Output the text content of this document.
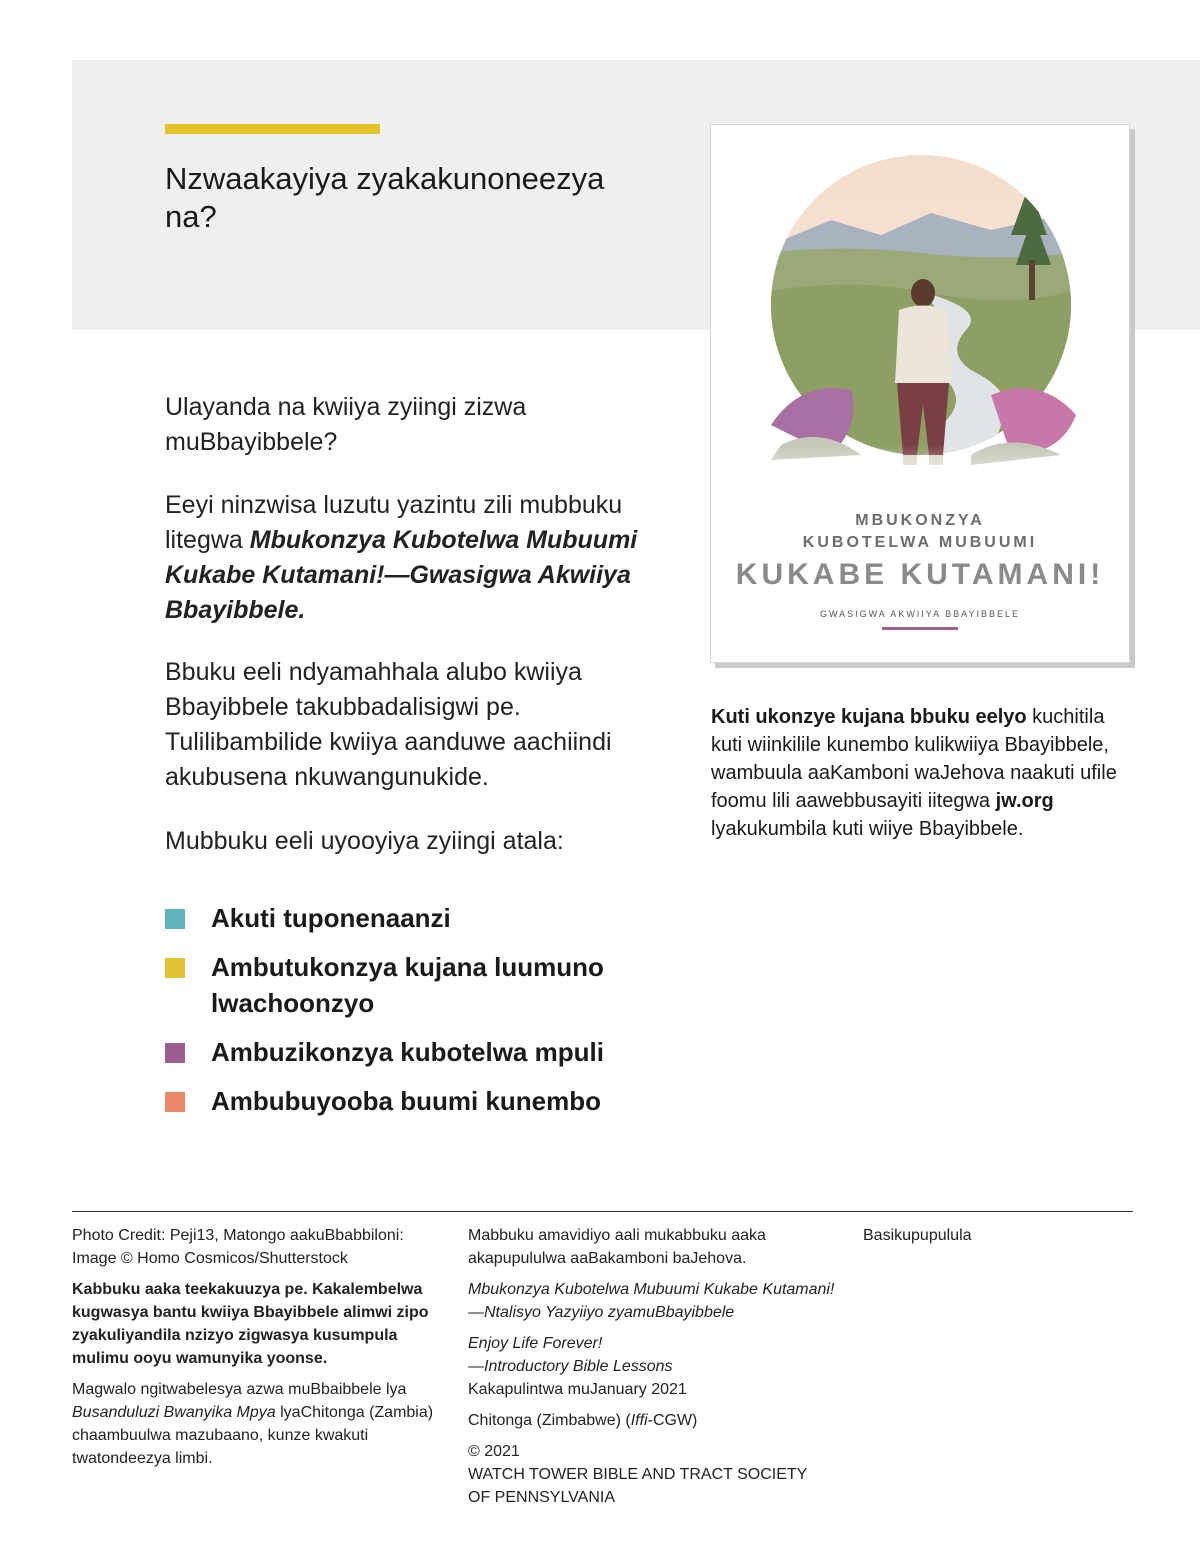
Nzwaakayiya zyakakunoneezya na?
Ulayanda na kwiiya zyiingi zizwa muBbayibbele?
Eeyi ninzwisa luzutu yazintu zili mubbuku litegwa Mbukonzya Kubotelwa Mubuumi Kukabe Kutamani!—Gwasigwa Akwiiya Bbayibbele.
Bbuku eeli ndyamahhala alubo kwiiya Bbayibbele takubbadalisigwi pe. Tulilibambilide kwiiya aanduwe aachiindi akubusena nkuwangunukide.
Mubbuku eeli uyooyiya zyiingi atala:
Akuti tuponenaanzi
Ambutukonzya kujana luumuno lwachoonzyo
Ambuzikonzya kubotelwa mpuli
Ambubuyooba buumi kunembo
MBUKONZYA
KUBOTELWA MUBUUMI
KUKABE KUTAMANI!
GWASIGWA AKWIIYA BBAYIBBELE
Kuti ukonzye kujana bbuku eelyo kuchitila kuti wiinkilile kunembo kulikwiiya Bbayibbele, wambuula aaKamboni waJehova naakuti ufile foomu lili aawebbusayiti iitegwa jw.org lyakukumbila kuti wiiye Bbayibbele.

Photo Credit: Peji13, Matongo aakuBbabbiloni: Image © Homo Cosmicos/Shutterstock

Kabbuku aaka teekakuuzya pe. Kakalembelwa kugwasya bantu kwiiya Bbayibbele alimwi zipo zyakuliyandila nzizyo zigwasya kusumpula mulimu ooyu wamunyika yoonse.

Magwalo ngitwabelesya azwa muBbaibbele lya Busanduluzi Bwanyika Mpya lyaChitonga (Zambia) chaambuulwa mazubaano, kunze kwakuti twatondeezya limbi.

Mabbuku amavidiyo aali mukabbuku aaka akapupululwa aaBakamboni baJehova.

Mbukonzya Kubotelwa Mubuumi Kukabe Kutamani!—Ntalisyo Yazyiiyo zyamuBbayibbele

Enjoy Life Forever!

—Introductory Bible Lessons

Kakapulintwa muJanuary 2021

Chitonga (Zimbabwe) (Iffi-CGW)

© 2021

WATCH TOWER BIBLE AND TRACT SOCIETY

OF PENNSYLVANIA

Basikupupulula
